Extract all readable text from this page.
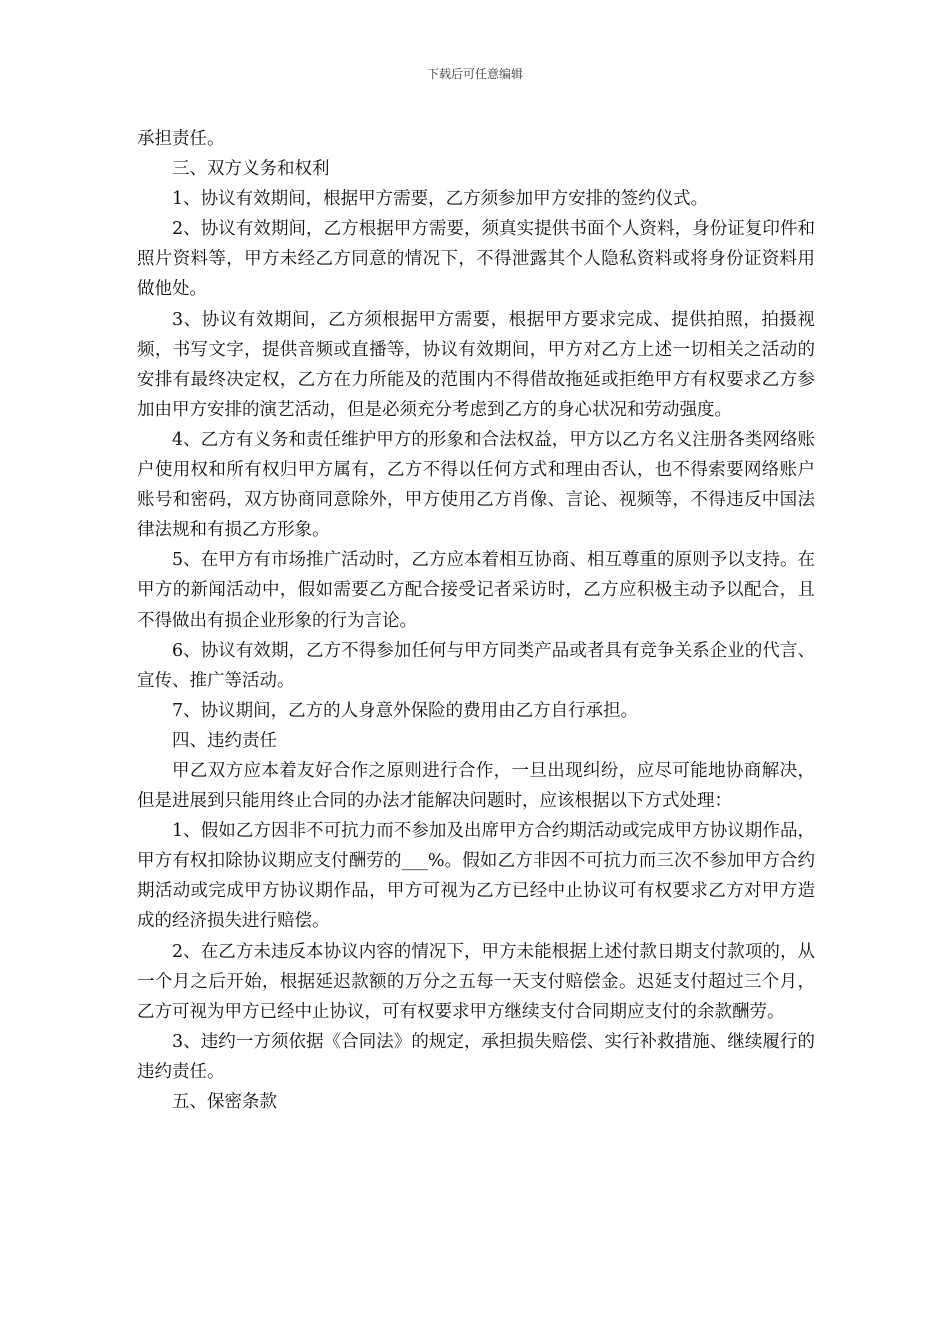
下载后可任意编辑

承担责任。

三、双方义务和权利

1、协议有效期间，根据甲方需要，乙方须参加甲方安排的签约仪式。

2、协议有效期间，乙方根据甲方需要，须真实提供书面个人资料，身份证复印件和照片资料等，甲方未经乙方同意的情况下，不得泄露其个人隐私资料或将身份证资料用做他处。

3、协议有效期间，乙方须根据甲方需要，根据甲方要求完成、提供拍照，拍摄视频，书写文字，提供音频或直播等，协议有效期间，甲方对乙方上述一切相关之活动的安排有最终决定权，乙方在力所能及的范围内不得借故拖延或拒绝甲方有权要求乙方参加由甲方安排的演艺活动，但是必须充分考虑到乙方的身心状况和劳动强度。

4、乙方有义务和责任维护甲方的形象和合法权益，甲方以乙方名义注册各类网络账户使用权和所有权归甲方属有，乙方不得以任何方式和理由否认，也不得索要网络账户账号和密码，双方协商同意除外，甲方使用乙方肖像、言论、视频等，不得违反中国法律法规和有损乙方形象。

5、在甲方有市场推广活动时，乙方应本着相互协商、相互尊重的原则予以支持。在甲方的新闻活动中，假如需要乙方配合接受记者采访时，乙方应积极主动予以配合，且不得做出有损企业形象的行为言论。

6、协议有效期，乙方不得参加任何与甲方同类产品或者具有竞争关系企业的代言、宣传、推广等活动。

7、协议期间，乙方的人身意外保险的费用由乙方自行承担。

四、违约责任

甲乙双方应本着友好合作之原则进行合作，一旦出现纠纷，应尽可能地协商解决，但是进展到只能用终止合同的办法才能解决问题时，应该根据以下方式处理：

1、假如乙方因非不可抗力而不参加及出席甲方合约期活动或完成甲方协议期作品，甲方有权扣除协议期应支付酬劳的___%。假如乙方非因不可抗力而三次不参加甲方合约期活动或完成甲方协议期作品，甲方可视为乙方已经中止协议可有权要求乙方对甲方造成的经济损失进行赔偿。

2、在乙方未违反本协议内容的情况下，甲方未能根据上述付款日期支付款项的，从一个月之后开始，根据延迟款额的万分之五每一天支付赔偿金。迟延支付超过三个月，乙方可视为甲方已经中止协议，可有权要求甲方继续支付合同期应支付的余款酬劳。

3、违约一方须依据《合同法》的规定，承担损失赔偿、实行补救措施、继续履行的违约责任。

五、保密条款
